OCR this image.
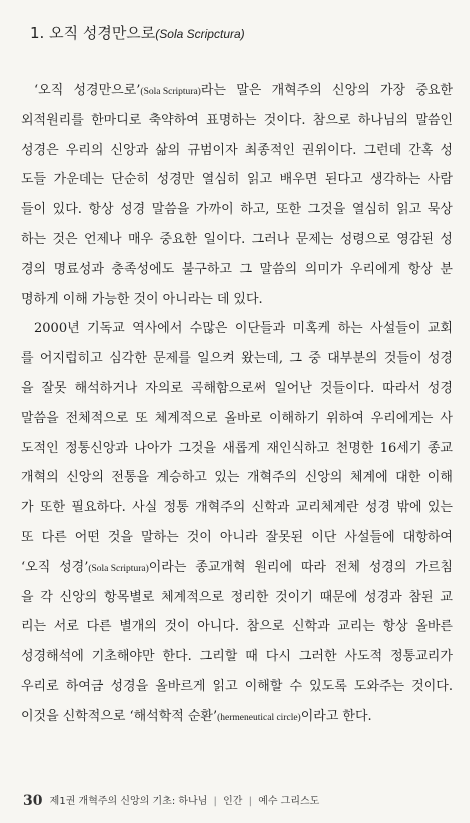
1. 오직 성경만으로(Sola Scripctura)
‘오직 성경만으로’(Sola Scriptura)라는 말은 개혁주의 신앙의 가장 중요한
외적원리를 한마디로 축약하여 표명하는 것이다. 참으로 하나님의 말씀인
성경은 우리의 신앙과 삶의 규범이자 최종적인 권위이다. 그런데 간혹 성
도들 가운데는 단순히 성경만 열심히 읽고 배우면 된다고 생각하는 사람
들이 있다. 항상 성경 말씀을 가까이 하고, 또한 그것을 열심히 읽고 묵상
하는 것은 언제나 매우 중요한 일이다. 그러나 문제는 성령으로 영감된 성
경의 명료성과 충족성에도 불구하고 그 말씀의 의미가 우리에게 항상 분
명하게 이해 가능한 것이 아니라는 데 있다.
2000년 기독교 역사에서 수많은 이단들과 미혹케 하는 사설들이 교회
를 어지럽히고 심각한 문제를 일으켜 왔는데, 그 중 대부분의 것들이 성경
을 잘못 해석하거나 자의로 곡해함으로써 일어난 것들이다. 따라서 성경
말씀을 전체적으로 또 체계적으로 올바로 이해하기 위하여 우리에게는 사
도적인 정통신앙과 나아가 그것을 새롭게 재인식하고 천명한 16세기 종교
개혁의 신앙의 전통을 계승하고 있는 개혁주의 신앙의 체계에 대한 이해
가 또한 필요하다. 사실 정통 개혁주의 신학과 교리체계란 성경 밖에 있는
또 다른 어떤 것을 말하는 것이 아니라 잘못된 이단 사설들에 대항하여
‘오직 성경’(Sola Scriptura)이라는 종교개혁 원리에 따라 전체 성경의 가르침
을 각 신앙의 항목별로 체계적으로 정리한 것이기 때문에 성경과 참된 교
리는 서로 다른 별개의 것이 아니다. 참으로 신학과 교리는 항상 올바른
성경해석에 기초해야만 한다. 그리할 때 다시 그러한 사도적 정통교리가
우리로 하여금 성경을 올바르게 읽고 이해할 수 있도록 도와주는 것이다.
이것을 신학적으로 ‘해석학적 순환’(hermeneutical circle)이라고 한다.
30 제1권 개혁주의 신앙의 기초: 하나님 | 인간 | 예수 그리스도
